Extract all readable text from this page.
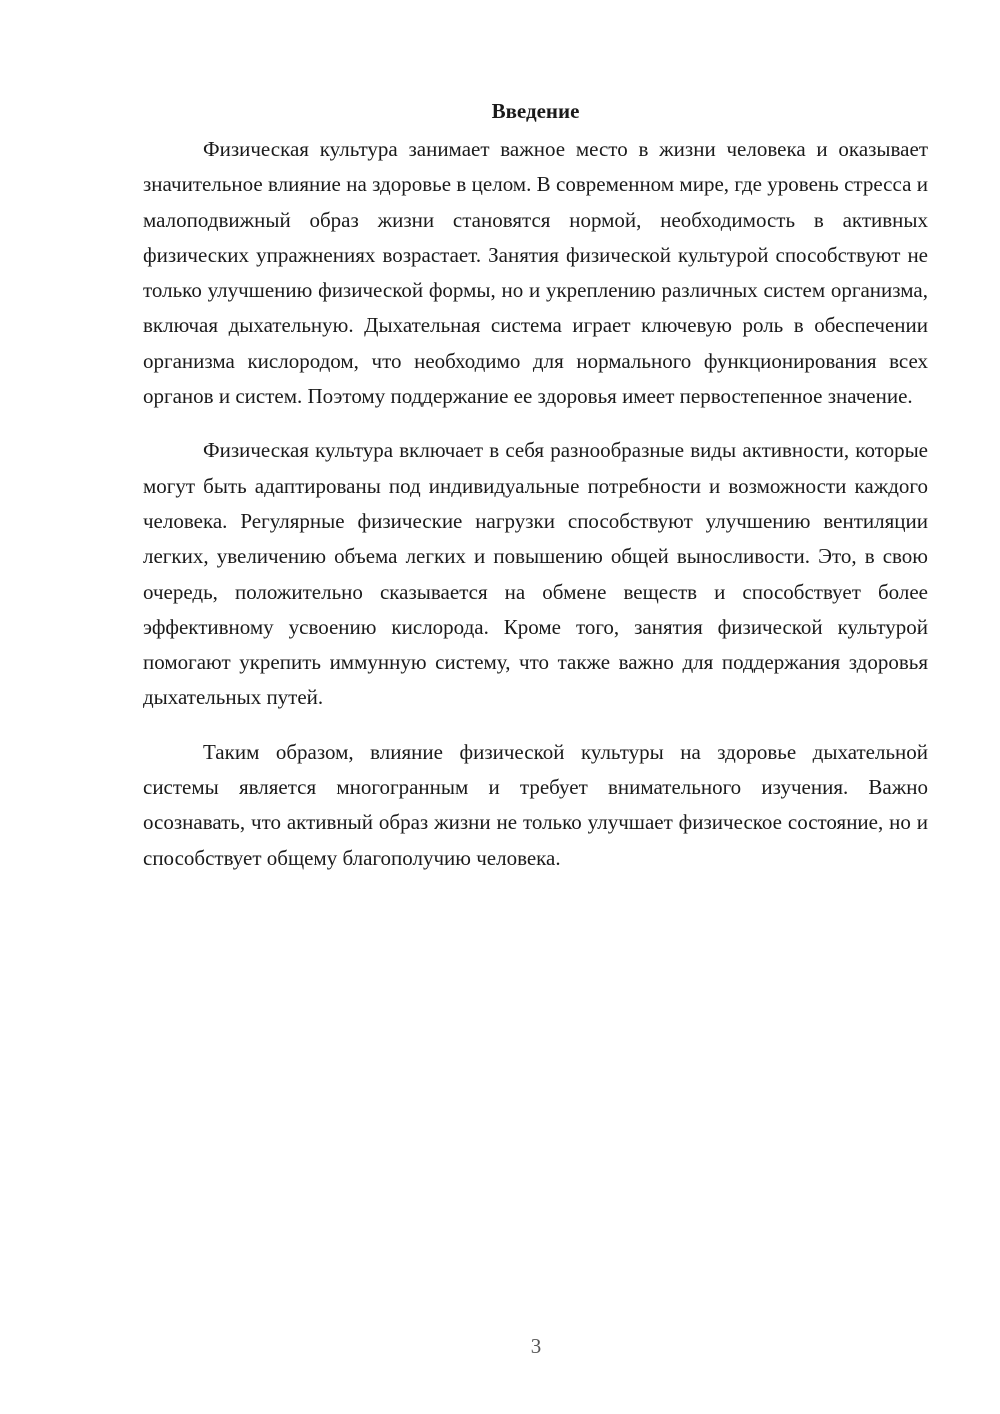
Введение

Физическая культура занимает важное место в жизни человека и оказывает значительное влияние на здоровье в целом. В современном мире, где уровень стресса и малоподвижный образ жизни становятся нормой, необходимость в активных физических упражнениях возрастает. Занятия физической культурой способствуют не только улучшению физической формы, но и укреплению различных систем организма, включая дыхательную. Дыхательная система играет ключевую роль в обеспечении организма кислородом, что необходимо для нормального функционирования всех органов и систем. Поэтому поддержание ее здоровья имеет первостепенное значение.

Физическая культура включает в себя разнообразные виды активности, которые могут быть адаптированы под индивидуальные потребности и возможности каждого человека. Регулярные физические нагрузки способствуют улучшению вентиляции легких, увеличению объема легких и повышению общей выносливости. Это, в свою очередь, положительно сказывается на обмене веществ и способствует более эффективному усвоению кислорода. Кроме того, занятия физической культурой помогают укрепить иммунную систему, что также важно для поддержания здоровья дыхательных путей.

Таким образом, влияние физической культуры на здоровье дыхательной системы является многогранным и требует внимательного изучения. Важно осознавать, что активный образ жизни не только улучшает физическое состояние, но и способствует общему благополучию человека.

3
